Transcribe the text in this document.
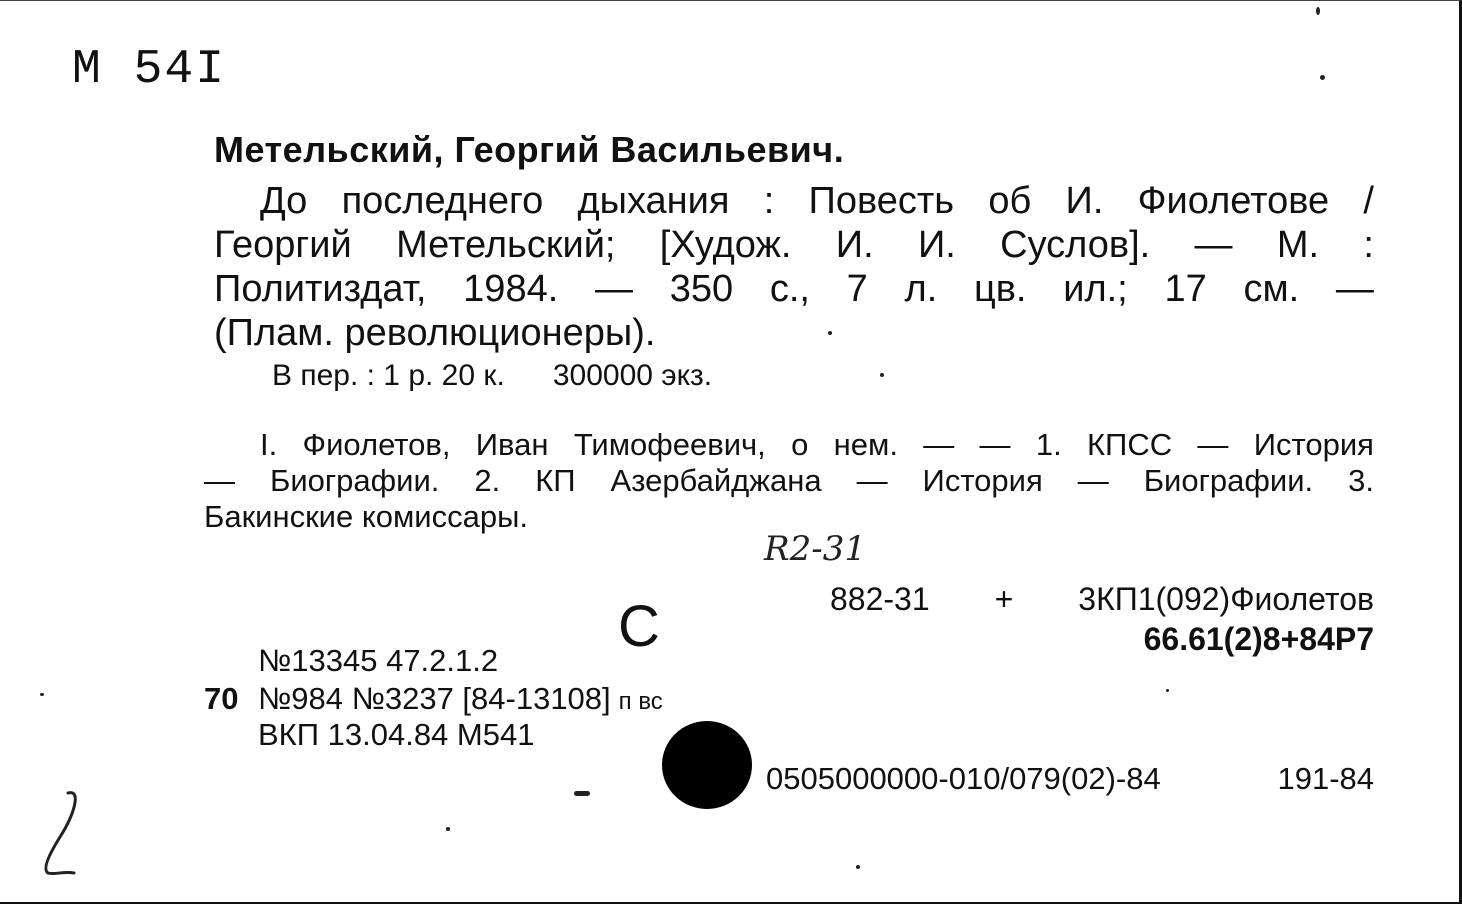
М 54I
Метельский, Георгий Васильевич.
До последнего дыхания : Повесть об И. Фиолетове /
Георгий Метельский; [Худож. И. И. Суслов]. — М. :
Политиздат, 1984. — 350 с., 7 л. цв. ил.; 17 см. —
(Плам. революционеры).
В пер. : 1 р. 20 к. 300000 экз.
I. Фиолетов, Иван Тимофеевич, о нем. — — 1. КПСС — История
— Биографии. 2. КП Азербайджана — История — Биографии. 3.
Бакинские комиссары.
R2-31
882-31 + 3КП1(092)Фиолетов
66.61(2)8+84Р7
С
№13345 47.2.1.2
70 №984 №3237 [84-13108] п вс
ВКП 13.04.84 М541
0505000000-010/079(02)-84	191-84
